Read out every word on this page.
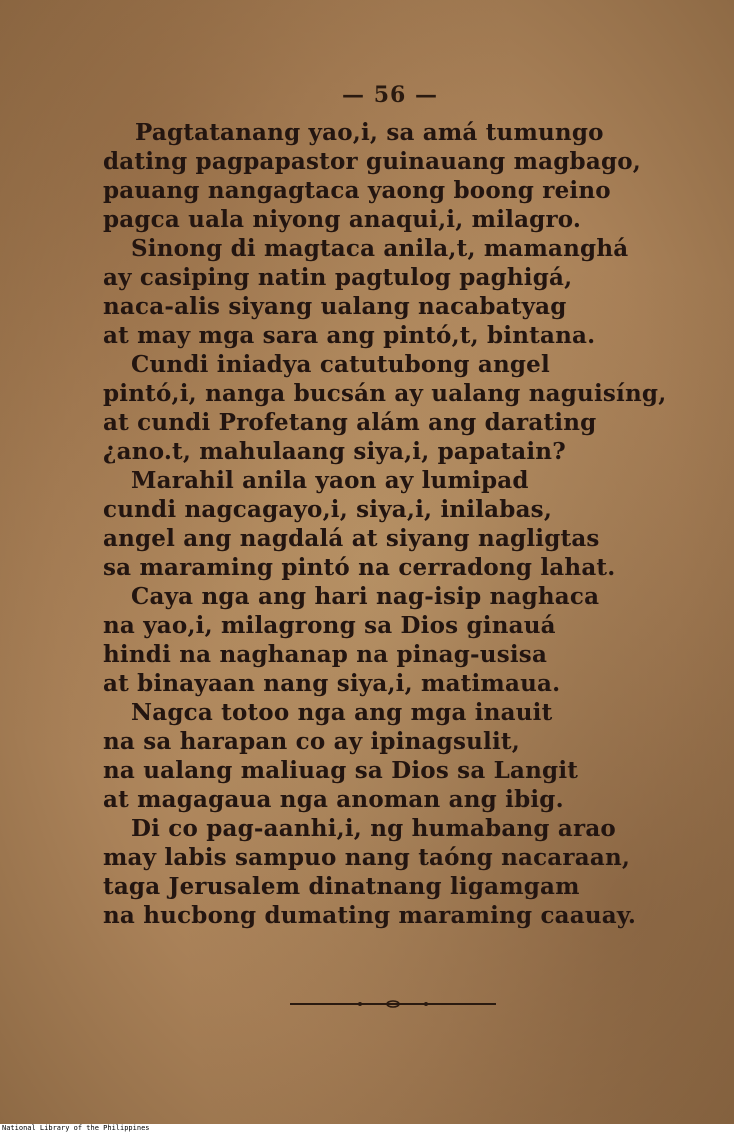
— 56 —
Pagtatanang yao,i, sa amá tumungo
dating pagpapastor guinauang magbago,
pauang nangagtaca yaong boong reino
pagca uala niyong anaqui,i, milagro.
Sinong di magtaca anila,t, mamanghá
ay casiping natin pagtulog paghigá,
naca-alis siyang ualang nacabatyag
at may mga sara ang pintó,t, bintana.
Cundi iniadya catutubong angel
pintó,i, nanga bucsán ay ualang naguisíng,
at cundi Profetang alám ang darating
¿ano.t, mahulaang siya,i, papatain?
Marahil anila yaon ay lumipad
cundi nagcagayo,i, siya,i, inilabas,
angel ang nagdalá at siyang nagligtas
sa maraming pintó na cerradong lahat.
Caya nga ang hari nag-isip naghaca
na yao,i, milagrong sa Dios ginauá
hindi na naghanap na pinag-usisa
at binayaan nang siya,i, matimaua.
Nagca totoo nga ang mga inauit
na sa harapan co ay ipinagsulit,
na ualang maliuag sa Dios sa Langit
at magagaua nga anoman ang ibig.
Di co pag-aanhi,i, ng humabang arao
may labis sampuo nang taóng nacaraan,
taga Jerusalem dinatnang ligamgam
na hucbong dumating maraming caauay.
National Library of the Philippines
